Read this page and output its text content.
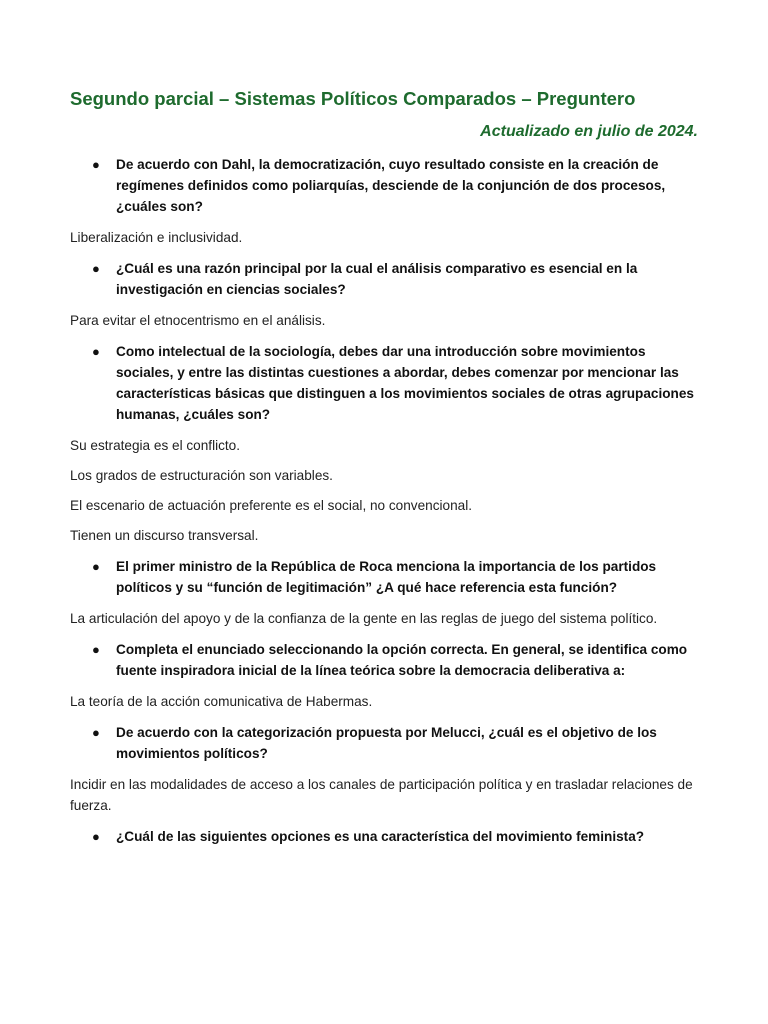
Segundo parcial – Sistemas Políticos Comparados – Preguntero

Actualizado en julio de 2024.

● De acuerdo con Dahl, la democratización, cuyo resultado consiste en la creación de regímenes definidos como poliarquías, desciende de la conjunción de dos procesos, ¿cuáles son?

Liberalización e inclusividad.

● ¿Cuál es una razón principal por la cual el análisis comparativo es esencial en la investigación en ciencias sociales?

Para evitar el etnocentrismo en el análisis.

● Como intelectual de la sociología, debes dar una introducción sobre movimientos sociales, y entre las distintas cuestiones a abordar, debes comenzar por mencionar las características básicas que distinguen a los movimientos sociales de otras agrupaciones humanas, ¿cuáles son?

Su estrategia es el conflicto.

Los grados de estructuración son variables.

El escenario de actuación preferente es el social, no convencional.

Tienen un discurso transversal.

● El primer ministro de la República de Roca menciona la importancia de los partidos políticos y su “función de legitimación” ¿A qué hace referencia esta función?

La articulación del apoyo y de la confianza de la gente en las reglas de juego del sistema político.

● Completa el enunciado seleccionando la opción correcta. En general, se identifica como fuente inspiradora inicial de la línea teórica sobre la democracia deliberativa a:

La teoría de la acción comunicativa de Habermas.

● De acuerdo con la categorización propuesta por Melucci, ¿cuál es el objetivo de los movimientos políticos?

Incidir en las modalidades de acceso a los canales de participación política y en trasladar relaciones de fuerza.

● ¿Cuál de las siguientes opciones es una característica del movimiento feminista?
